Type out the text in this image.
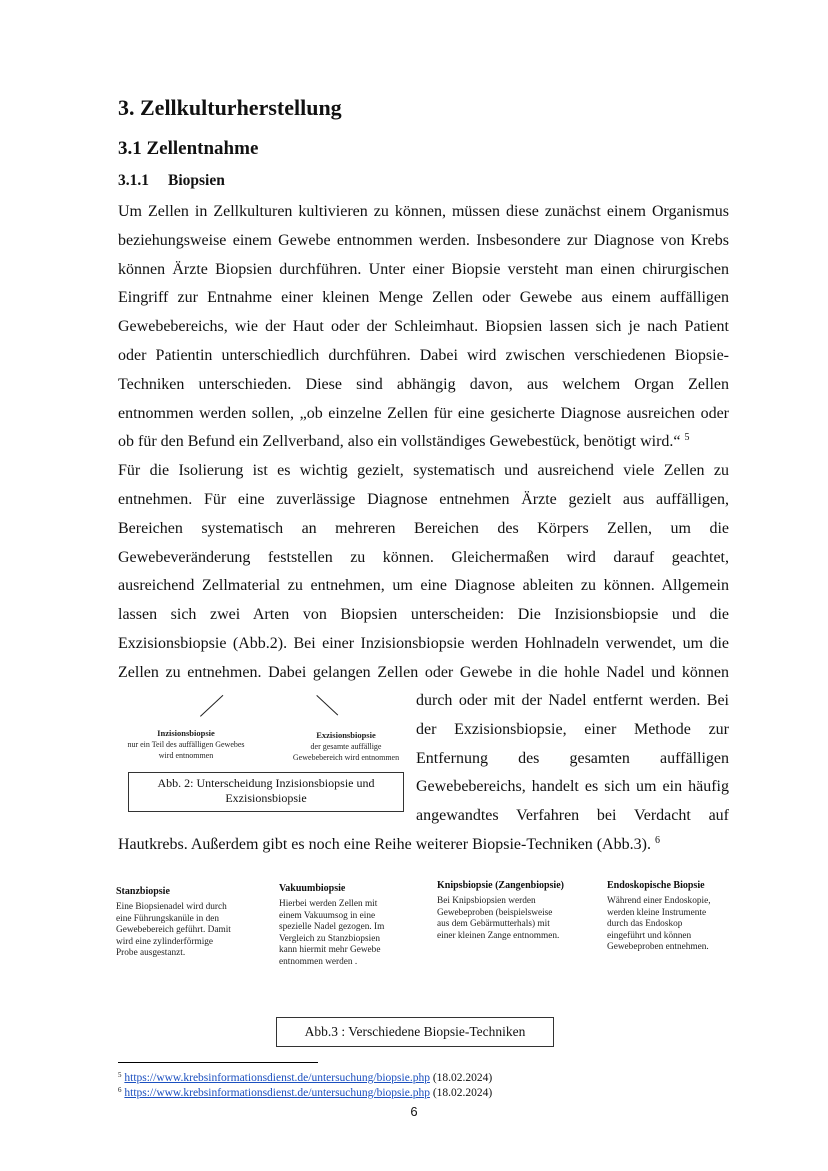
3. Zellkulturherstellung
3.1 Zellentnahme
3.1.1 Biopsien

Um Zellen in Zellkulturen kultivieren zu können, müssen diese zunächst einem Organismus
beziehungsweise einem Gewebe entnommen werden. Insbesondere zur Diagnose von Krebs
können Ärzte Biopsien durchführen. Unter einer Biopsie versteht man einen chirurgischen
Eingriff zur Entnahme einer kleinen Menge Zellen oder Gewebe aus einem auffälligen
Gewebebereichs, wie der Haut oder der Schleimhaut. Biopsien lassen sich je nach Patient
oder Patientin unterschiedlich durchführen. Dabei wird zwischen verschiedenen Biopsie-
Techniken unterschieden. Diese sind abhängig davon, aus welchem Organ Zellen
entnommen werden sollen, „ob einzelne Zellen für eine gesicherte Diagnose ausreichen oder
ob für den Befund ein Zellverband, also ein vollständiges Gewebestück, benötigt wird.“ $^5$
Für die Isolierung ist es wichtig gezielt, systematisch und ausreichend viele Zellen zu
entnehmen. Für eine zuverlässige Diagnose entnehmen Ärzte gezielt aus auffälligen,
Bereichen systematisch an mehreren Bereichen des Körpers Zellen, um die
Gewebeveränderung feststellen zu können. Gleichermaßen wird darauf geachtet,
ausreichend Zellmaterial zu entnehmen, um eine Diagnose ableiten zu können. Allgemein
lassen sich zwei Arten von Biopsien unterscheiden: Die Inzisionsbiopsie und die
Exzisionsbiopsie (Abb.2). Bei einer Inzisionsbiopsie werden Hohlnadeln verwendet, um die
Zellen zu entnehmen. Dabei gelangen Zellen oder Gewebe in die hohle Nadel und können

Inzisionsbiopsie
nur ein Teil des auffälligen Gewebes
wird entnommen
Exzisionsbiopsie
der gesamte auffällige
Gewebebereich wird entnommen
Abb. 2: Unterscheidung Inzisionsbiopsie und
Exzisionsbiopsie

durch oder mit der Nadel entfernt werden. Bei
der Exzisionsbiopsie, einer Methode zur
Entfernung des gesamten auffälligen
Gewebebereichs, handelt es sich um ein häufig
angewandtes Verfahren bei Verdacht auf

Hautkrebs. Außerdem gibt es noch eine Reihe weiterer Biopsie-Techniken (Abb.3). $^6$

Stanzbiopsie

Eine Biopsienadel wird durch
eine Führungskanüle in den
Gewebebereich geführt. Damit
wird eine zylinderförmige
Probe ausgestanzt.

Vakuumbiopsie

Hierbei werden Zellen mit
einem Vakuumsog in eine
spezielle Nadel gezogen. Im
Vergleich zu Stanzbiopsien
kann hiermit mehr Gewebe
entnommen werden .

Knipsbiopsie (Zangenbiopsie)

Bei Knipsbiopsien werden
Gewebeproben (beispielsweise
aus dem Gebärmutterhals) mit
einer kleinen Zange entnommen.

Endoskopische Biopsie

Während einer Endoskopie,
werden kleine Instrumente
durch das Endoskop
eingeführt und können
Gewebeproben entnehmen.

Abb.3 : Verschiedene Biopsie-Techniken
$^5$ https://www.krebsinformationsdienst.de/untersuchung/biopsie.php (18.02.2024)
$^6$ https://www.krebsinformationsdienst.de/untersuchung/biopsie.php (18.02.2024)
6
